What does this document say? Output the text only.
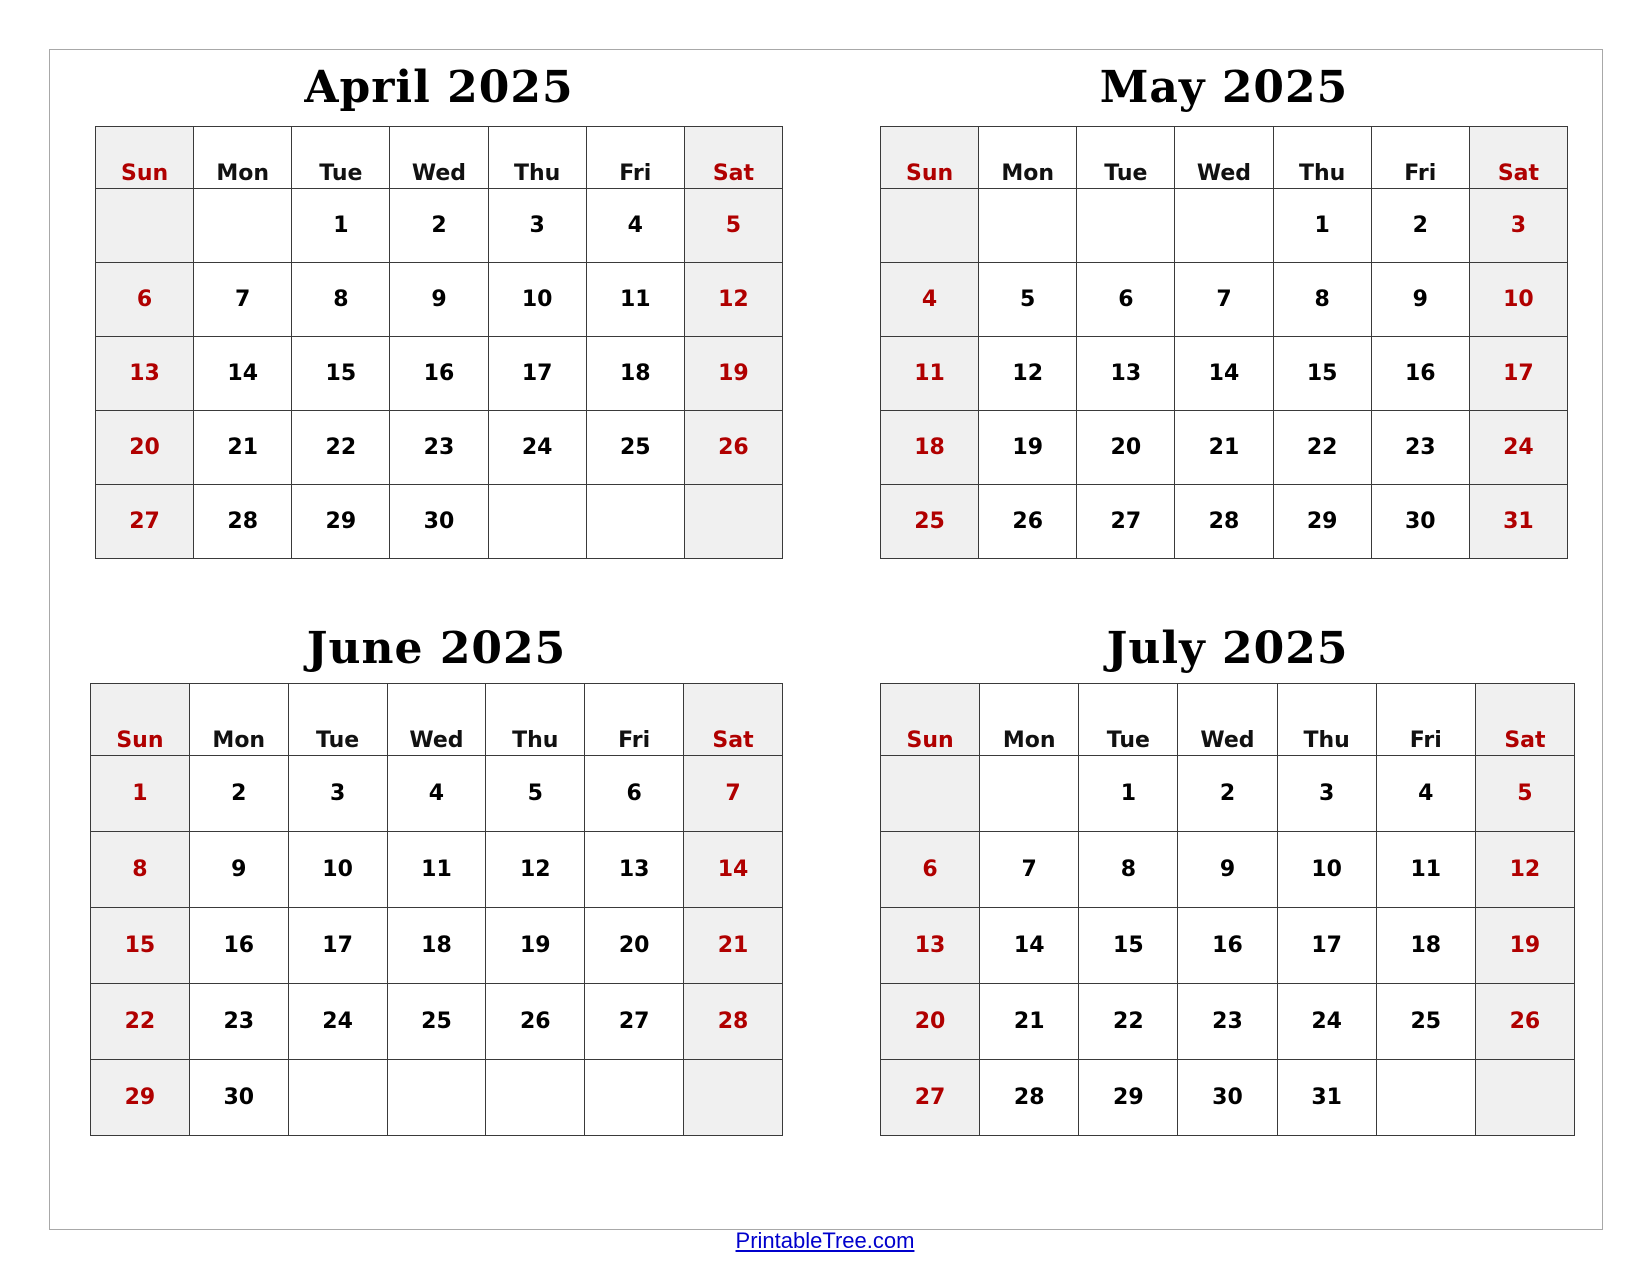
April 2025
Sun	Mon	Tue	Wed	Thu	Fri	Sat
		1	2	3	4	5
6	7	8	9	10	11	12
13	14	15	16	17	18	19
20	21	22	23	24	25	26
27	28	29	30			
May 2025
Sun	Mon	Tue	Wed	Thu	Fri	Sat
				1	2	3
4	5	6	7	8	9	10
11	12	13	14	15	16	17
18	19	20	21	22	23	24
25	26	27	28	29	30	31
June 2025
Sun	Mon	Tue	Wed	Thu	Fri	Sat
1	2	3	4	5	6	7
8	9	10	11	12	13	14
15	16	17	18	19	20	21
22	23	24	25	26	27	28
29	30					
July 2025
Sun	Mon	Tue	Wed	Thu	Fri	Sat
		1	2	3	4	5
6	7	8	9	10	11	12
13	14	15	16	17	18	19
20	21	22	23	24	25	26
27	28	29	30	31		
PrintableTree.com
